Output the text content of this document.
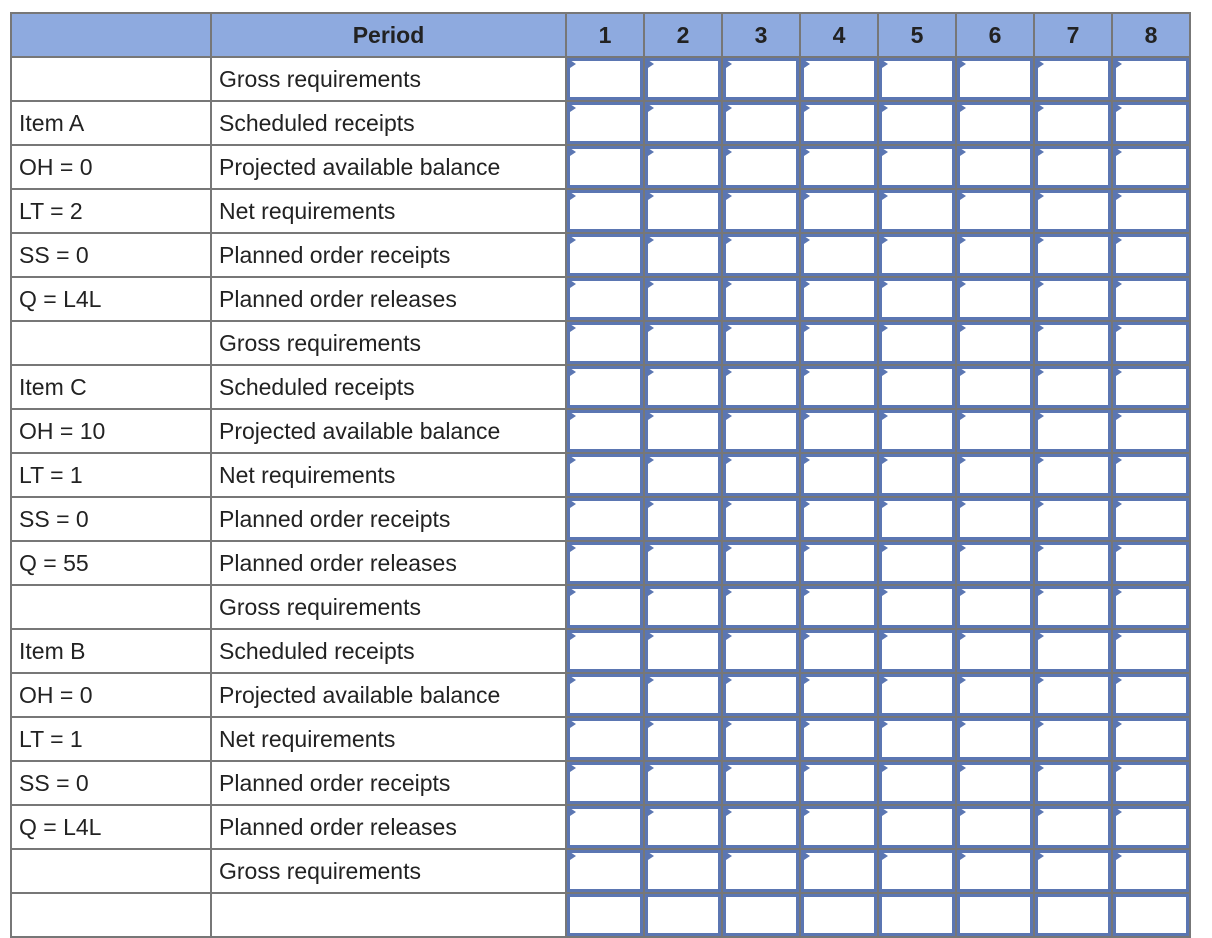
	Period	1	2	3	4	5	6	7	8
	Gross requirements	

Item A	Scheduled receipts	

OH = 0	Projected available balance	

LT = 2	Net requirements	

SS = 0	Planned order receipts	

Q = L4L	Planned order releases	

	Gross requirements	

Item C	Scheduled receipts	

OH = 10	Projected available balance	

LT = 1	Net requirements	

SS = 0	Planned order receipts	

Q = 55	Planned order releases	

	Gross requirements	

Item B	Scheduled receipts	

OH = 0	Projected available balance	

LT = 1	Net requirements	

SS = 0	Planned order receipts	

Q = L4L	Planned order releases	

	Gross requirements	
